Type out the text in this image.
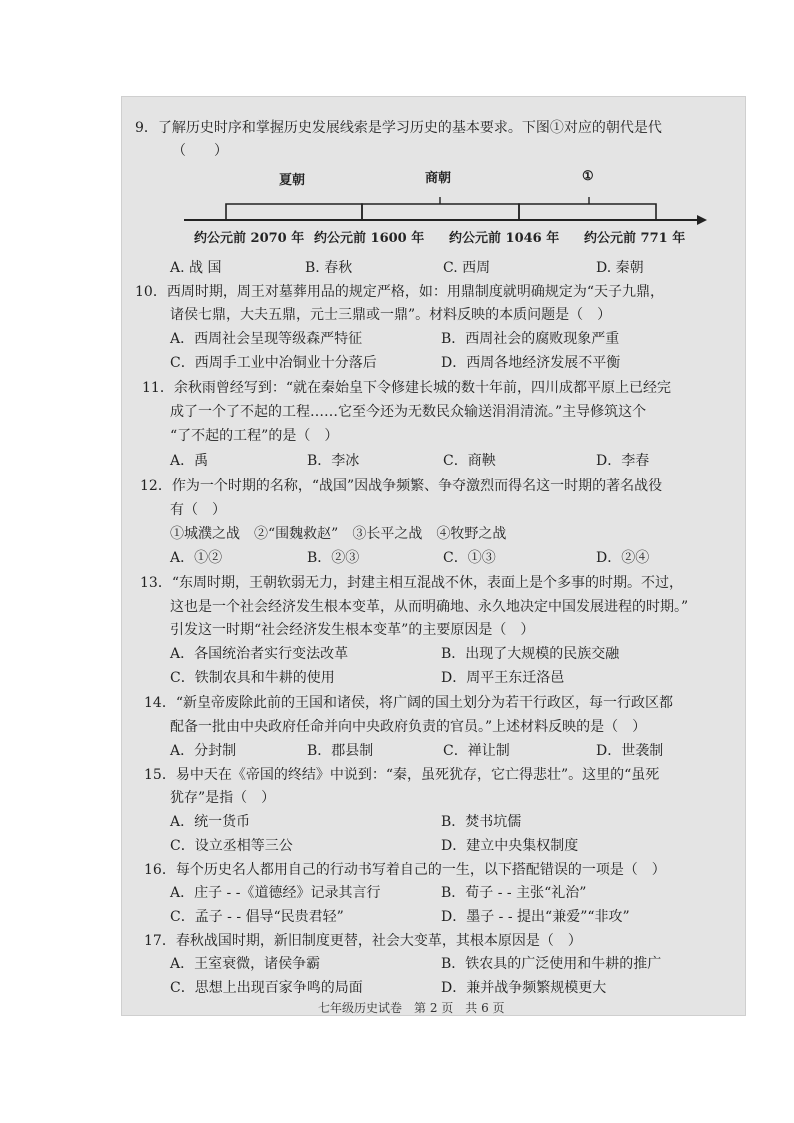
9．了解历史时序和掌握历史发展线索是学习历史的基本要求。下图①对应的朝代是代
（　　）
夏朝	商朝	①
约公元前 2070 年 约公元前 1600 年 约公元前 1046 年 约公元前 771 年
A. 战 国	B. 春秋	C. 西周	D. 秦朝
10．西周时期，周王对墓葬用品的规定严格，如：用鼎制度就明确规定为“天子九鼎，
诸侯七鼎，大夫五鼎，元士三鼎或一鼎”。材料反映的本质问题是（　）
A．西周社会呈现等级森严特征	B．西周社会的腐败现象严重
C．西周手工业中冶铜业十分落后	D．西周各地经济发展不平衡
11．余秋雨曾经写到：“就在秦始皇下令修建长城的数十年前，四川成都平原上已经完
成了一个了不起的工程……它至今还为无数民众输送涓涓清流。”主导修筑这个
“了不起的工程”的是（　）
A．禹	B．李冰	C．商鞅	D．李春
12．作为一个时期的名称，“战国”因战争频繁、争夺激烈而得名这一时期的著名战役
有（　）
①城濮之战　②“围魏救赵”　③长平之战　④牧野之战
A．①②	B．②③	C．①③	D．②④
13．“东周时期，王朝软弱无力，封建主相互混战不休，表面上是个多事的时期。不过，
这也是一个社会经济发生根本变革，从而明确地、永久地决定中国发展进程的时期。”
引发这一时期“社会经济发生根本变革”的主要原因是（　）
A．各国统治者实行变法改革	B．出现了大规模的民族交融
C．铁制农具和牛耕的使用	D．周平王东迁洛邑
14．“新皇帝废除此前的王国和诸侯，将广阔的国土划分为若干行政区，每一行政区都
配备一批由中央政府任命并向中央政府负责的官员。”上述材料反映的是（　）
A．分封制	B．郡县制	C．禅让制	D．世袭制
15．易中天在《帝国的终结》中说到：“秦，虽死犹存，它亡得悲壮”。这里的“虽死
犹存”是指（　）
A．统一货币	B．焚书坑儒
C．设立丞相等三公	D．建立中央集权制度
16．每个历史名人都用自己的行动书写着自己的一生，以下搭配错误的一项是（　）
A．庄子 - -《道德经》记录其言行	B．荀子 - - 主张“礼治”
C．孟子 - - 倡导“民贵君轻”	D．墨子 - - 提出“兼爱”“非攻”
17．春秋战国时期，新旧制度更替，社会大变革，其根本原因是（　）
A．王室衰微，诸侯争霸	B．铁农具的广泛使用和牛耕的推广
C．思想上出现百家争鸣的局面	D．兼并战争频繁规模更大
七年级历史试卷　第 2 页　共 6 页
